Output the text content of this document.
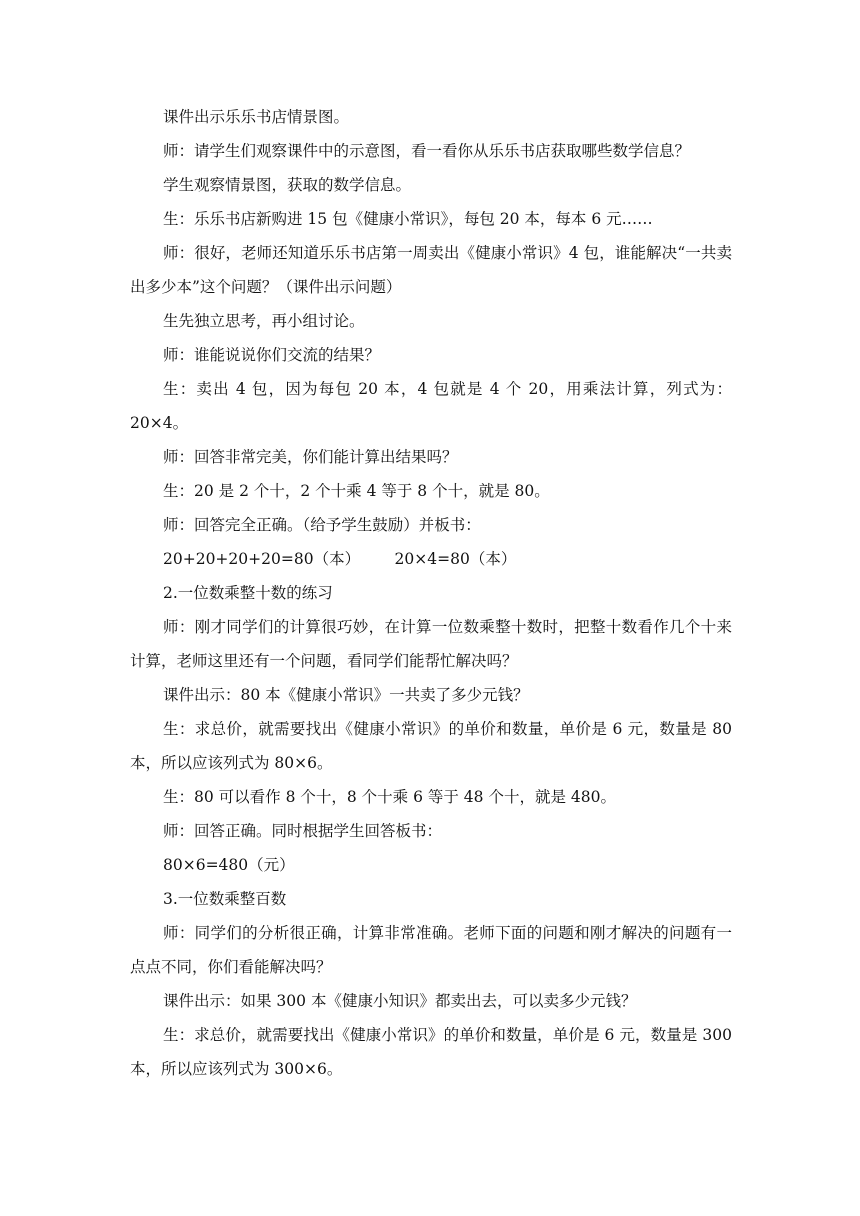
课件出示乐乐书店情景图。

师：请学生们观察课件中的示意图，看一看你从乐乐书店获取哪些数学信息？

学生观察情景图，获取的数学信息。

生：乐乐书店新购进 15 包《健康小常识》，每包 20 本，每本 6 元……

师：很好，老师还知道乐乐书店第一周卖出《健康小常识》4 包，谁能解决“一共卖出多少本”这个问题？（课件出示问题）

生先独立思考，再小组讨论。

师：谁能说说你们交流的结果？

生：卖出 4 包，因为每包 20 本，4 包就是 4 个 20，用乘法计算，列式为：20×4。

师：回答非常完美，你们能计算出结果吗？

生：20 是 2 个十，2 个十乘 4 等于 8 个十，就是 80。

师：回答完全正确。（给予学生鼓励）并板书：

20+20+20+20=80（本）       20×4=80（本）

2.一位数乘整十数的练习

师：刚才同学们的计算很巧妙，在计算一位数乘整十数时，把整十数看作几个十来计算，老师这里还有一个问题，看同学们能帮忙解决吗？

课件出示：80 本《健康小常识》一共卖了多少元钱？

生：求总价，就需要找出《健康小常识》的单价和数量，单价是 6 元，数量是 80 本，所以应该列式为 80×6。

生：80 可以看作 8 个十，8 个十乘 6 等于 48 个十，就是 480。

师：回答正确。同时根据学生回答板书：

80×6=480（元）

3.一位数乘整百数

师：同学们的分析很正确，计算非常准确。老师下面的问题和刚才解决的问题有一点点不同，你们看能解决吗？

课件出示：如果 300 本《健康小知识》都卖出去，可以卖多少元钱？

生：求总价，就需要找出《健康小常识》的单价和数量，单价是 6 元，数量是 300 本，所以应该列式为 300×6。
